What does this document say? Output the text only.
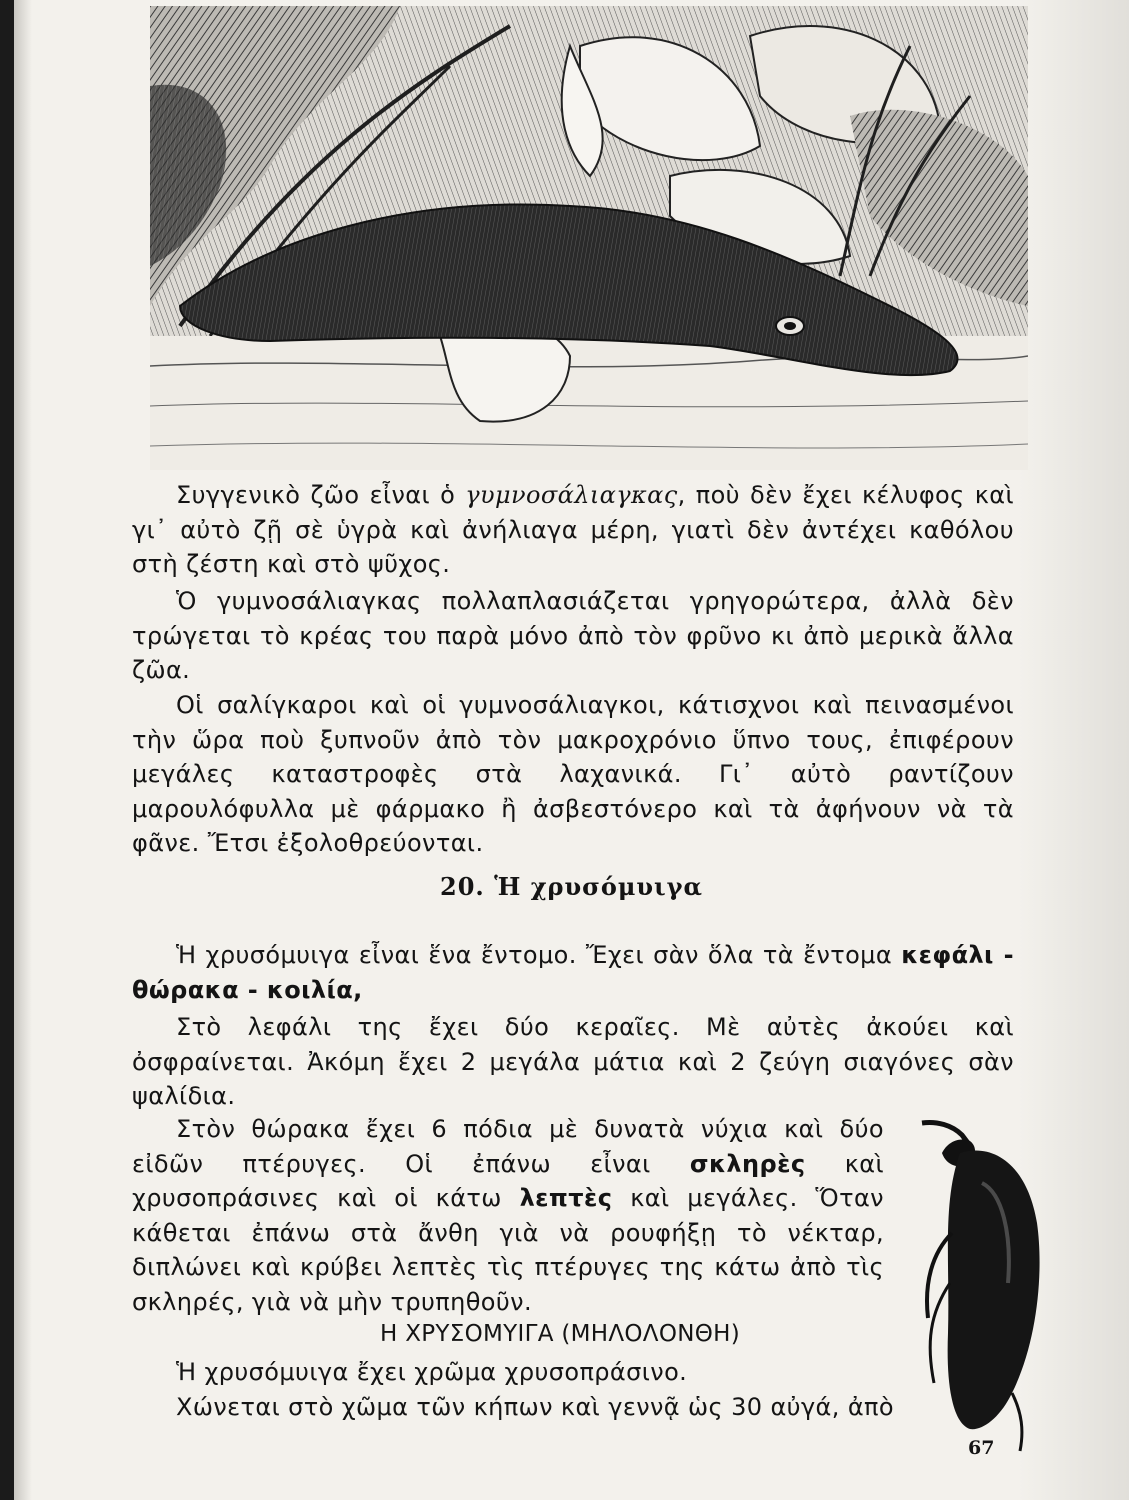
Συγγενικὸ ζῶο εἶναι ὁ γυμνοσάλιαγκας, ποὺ δὲν ἔχει κέλυφος καὶ γι᾽ αὐτὸ ζῇ σὲ ὑγρὰ καὶ ἀνήλιαγα μέρη, γιατὶ δὲν ἀντέχει καθόλου στὴ ζέστη καὶ στὸ ψῦχος.

Ὁ γυμνοσάλιαγκας πολλαπλασιάζεται γρηγορώτερα, ἀλλὰ δὲν τρώγεται τὸ κρέας του παρὰ μόνο ἀπὸ τὸν φρῦνο κι ἀπὸ μερικὰ ἄλλα ζῶα.

Οἱ σαλίγκαροι καὶ οἱ γυμνοσάλιαγκοι, κάτισχνοι καὶ πεινασμένοι τὴν ὥρα ποὺ ξυπνοῦν ἀπὸ τὸν μακροχρόνιο ὕπνο τους, ἐπιφέρουν μεγάλες καταστροφὲς στὰ λαχανικά. Γι᾽ αὐτὸ ραντίζουν μαρουλόφυλλα μὲ φάρμακο ἢ ἀσβεστόνερο καὶ τὰ ἀφήνουν νὰ τὰ φᾶνε. Ἔτσι ἐξολοθρεύονται.

20. Ἡ χρυσόμυιγα

Ἡ χρυσόμυιγα εἶναι ἕνα ἔντομο. Ἔχει σὰν ὅλα τὰ ἔντομα κεφάλι - θώρακα - κοιλία,

Στὸ λεφάλι της ἔχει δύο κεραῖες. Μὲ αὐτὲς ἀκούει καὶ ὀσφραίνεται. Ἀκόμη ἔχει 2 μεγάλα μάτια καὶ 2 ζεύγη σιαγόνες σὰν ψαλίδια.

Στὸν θώρακα ἔχει 6 πόδια μὲ δυνατὰ νύχια καὶ δύο εἰδῶν πτέρυγες. Οἱ ἐπάνω εἶναι σκληρὲς καὶ χρυσοπράσινες καὶ οἱ κάτω λεπτὲς καὶ μεγάλες. Ὅταν κάθεται ἐπάνω στὰ ἄνθη γιὰ νὰ ρουφήξῃ τὸ νέκταρ, διπλώνει καὶ κρύβει λεπτὲς τὶς πτέρυγες της κάτω ἀπὸ τὶς σκληρές, γιὰ νὰ μὴν τρυπηθοῦν.

Η ΧΡΥΣΟΜΥΙΓΑ (ΜΗΛΟΛΟΝΘΗ)

Ἡ χρυσόμυιγα ἔχει χρῶμα χρυσοπράσινο.

Χώνεται στὸ χῶμα τῶν κήπων καὶ γεννᾷ ὡς 30 αὐγά, ἀπὸ

67
